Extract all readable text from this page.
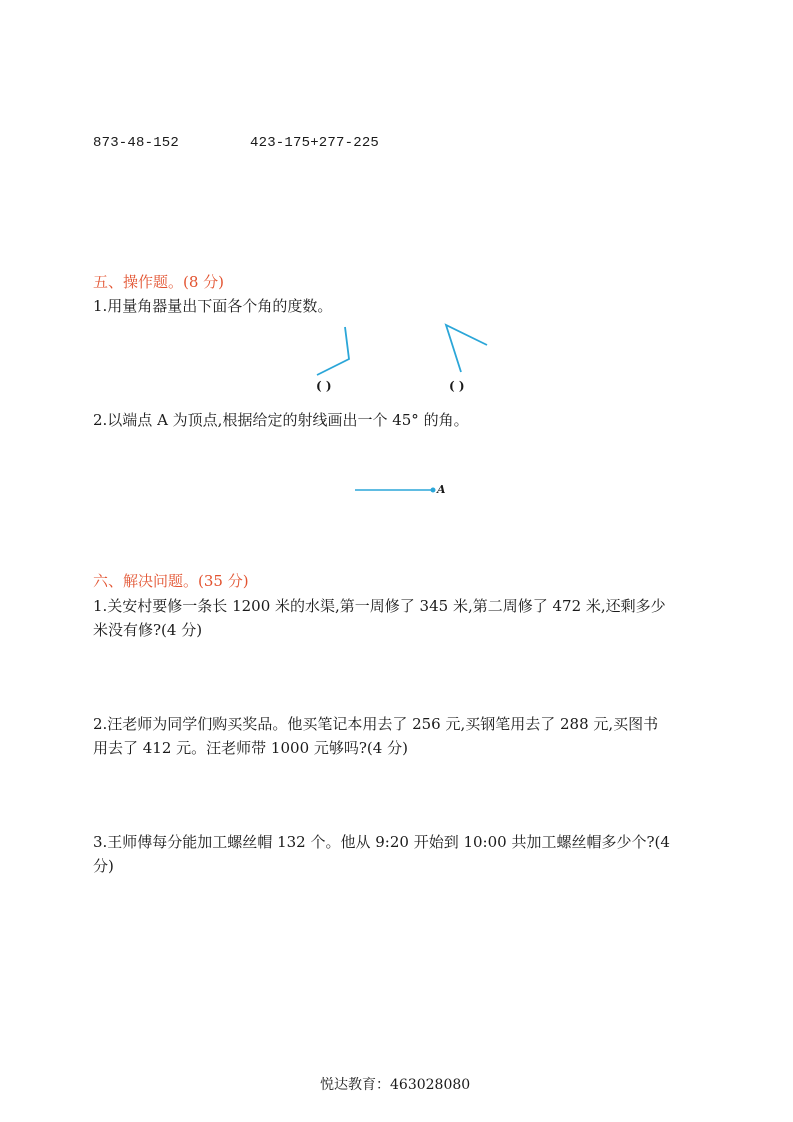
873-48-152	423-175+277-225
五、操作题。(8 分)
1.用量角器量出下面各个角的度数。
( )	( )
2.以端点 A 为顶点,根据给定的射线画出一个 45° 的角。
A
六、解决问题。(35 分)
1.关安村要修一条长 1200 米的水渠,第一周修了 345 米,第二周修了 472 米,还剩多少
米没有修?(4 分)
2.汪老师为同学们购买奖品。他买笔记本用去了 256 元,买钢笔用去了 288 元,买图书
用去了 412 元。汪老师带 1000 元够吗?(4 分)
3.王师傅每分能加工螺丝帽 132 个。他从 9:20 开始到 10:00 共加工螺丝帽多少个?(4
分)
悦达教育：463028080
